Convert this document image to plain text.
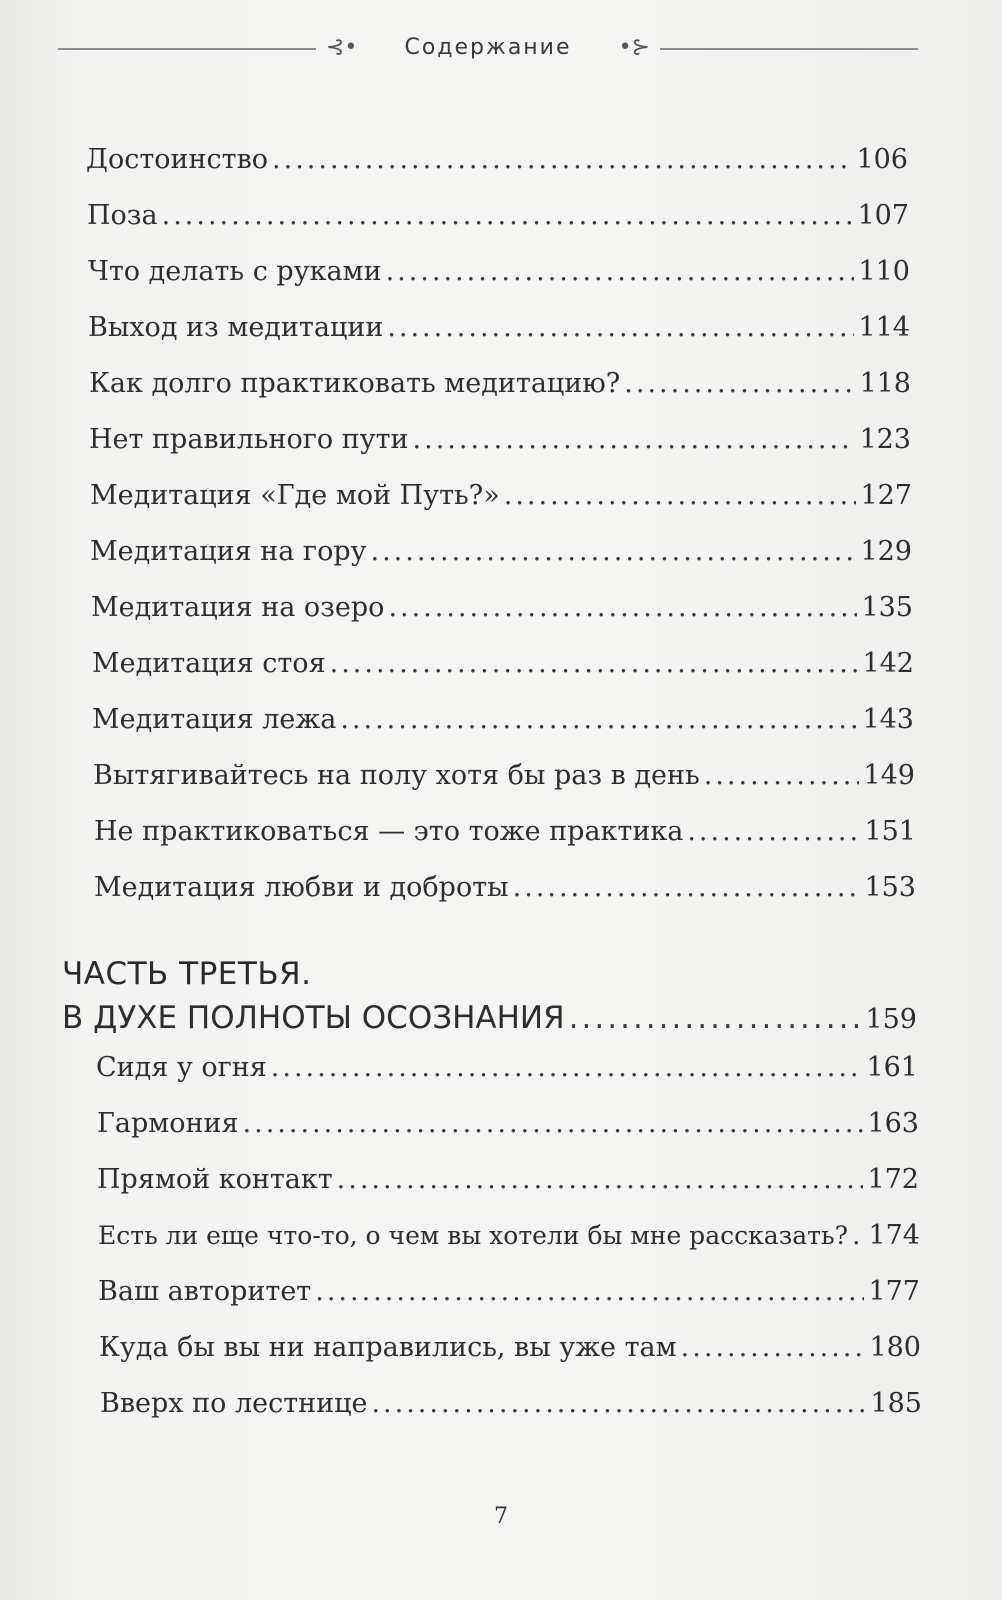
⊰•	Содержание	•⊱
Достоинство .....	106
Поза .....	107
Что делать с руками .....	110
Выход из медитации .....	114
Как долго практиковать медитацию? .....	118
Нет правильного пути .....	123
Медитация «Где мой Путь?» .....	127
Медитация на гору .....	129
Медитация на озеро .....	135
Медитация стоя .....	142
Медитация лежа .....	143
Вытягивайтесь на полу хотя бы раз в день .....	149
Не практиковаться — это тоже практика .....	151
Медитация любви и доброты .....	153
ЧАСТЬ ТРЕТЬЯ.
В ДУХЕ ПОЛНОТЫ ОСОЗНАНИЯ .....	159
Сидя у огня .....	161
Гармония .....	163
Прямой контакт .....	172
Есть ли еще что-то, о чем вы хотели бы мне рассказать? ..... 174
Ваш авторитет .....	177
Куда бы вы ни направились, вы уже там .....	180
Вверх по лестнице .....	185
7
